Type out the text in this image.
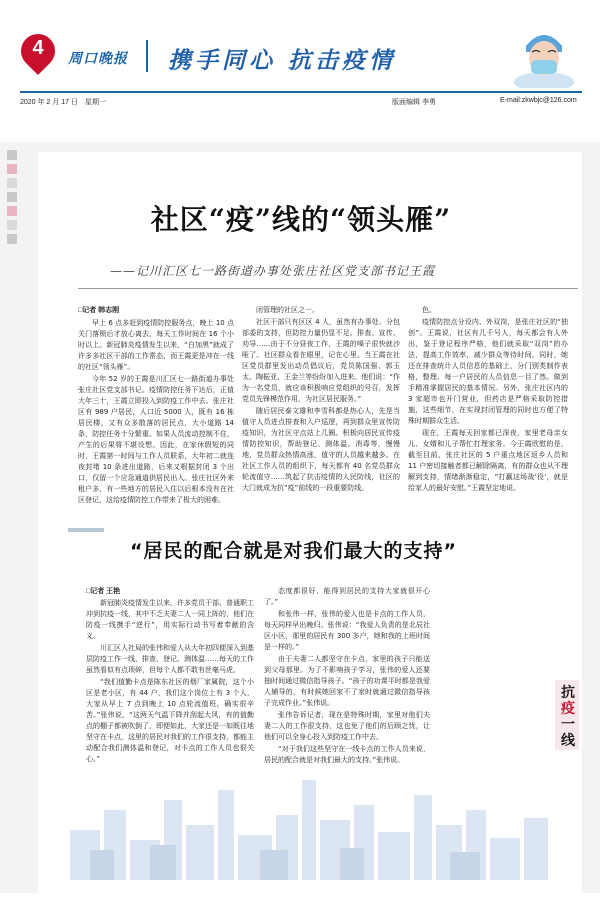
4	周口晚报 携手同心 抗击疫情
2020 年 2 月 17 日　星期一	版面编辑 李勇	E-mail:zkwbjc@126.com
社区“疫”线的“领头雁”
——记川汇区七一路街道办事处张庄社区党支部书记王霞
□记者 韩志刚

早上 6 点多赶到疫情防控服务点，晚上 10 点关门落锁后才放心离去，每天工作时间在 16 个小时以上。新冠肺炎疫情发生以来，“白加黑”就成了许多多社区干部的工作常态，而王霞更是冲在一线的社区“领头雁”。

今年 52 岁的王霞是川汇区七一路街道办事处张庄社区党支部书记。疫情防控任务下达后，正值大年三十，王霞立即投入到防疫工作中去。张庄社区有 989 户居民，人口近 5000 人，既有 16 栋居民楼，又有众多散落的居民点，大小道路 14 条，防控任务十分繁重。如果人员流动控制不住，产生的后果将不堪设想。因此，在家休假短的同时，王霞第一时间与工作人员联系，大年初二就连夜封堵 10 条进出道路，后来又根据封闭 3 个出口，仅留一个应急通道供居民出入。张庄社区外来租户多，有一些地方的居民入住以后根本没有在社区登记，这给疫情防控工作带来了极大的困难。

闭管理的社区之一。

社区干部只有区区 4 人，虽然有办事处、分包部委的支持，但防控力量仍显不足。排查、宣传、劝导……由于不分昼夜工作，王霞的嗓子很快就沙哑了。社区群众看在眼里，记在心里。当王霞在社区党员群里发出动员倡议后，党员陈国强、郭玉太、陶振亚、王金兰等纷纷加入进来。他们说：“作为一名党员，就应该积极响应党组织的号召，发挥党员先锋模范作用，为社区居民服务。”

随后居民泰文雄和李雪科都是热心人，先是当值守人员进点排查和入户巡逻，再到群众里宣传防疫知识，为社区守点站上几圈。积极向居民宣传疫情防控知识，帮助登记、测体温、消毒等，慢慢地，党员群众热情高涨，值守的人员越来越多。在社区工作人员的组织下，每天都有 40 名党员群众轮流值守……筑起了抗击疫情的人民防线，社区的大门就成为抗“疫”前线的一段重要防线。

色。

疫情防控点分设内、外双岗，是张庄社区的“独创”。王霞说，社区有几千号人，每天都会有人外出，鉴于登记程序严格，他们就采取“双岗”的办法，提高工作效率，减少群众等待时间。同时，她还在排查统计人员信息的基础上，分门别类制作表格，整理、每一户居民的人员信息一目了然。做到手精准掌握居民的基本情况。另外，张庄社区内的 3 家超市也开门营业，但药店是严格采取防控措施，这些细节，在实现封闭管理的同时也方便了特殊时期群众生活。

现在，王霞每天回家都已深夜，家里老母亲女儿、女婿和儿子帮忙打理家务。今王霞欣慰的是，截至目前，张庄社区的 5 户重点地区返乡人员和 11 户密切接触者都已解除隔离，有的群众也从不理解到支持，情绪渐渐稳定，“打赢这场战‘役’，就是给家人的最好安慰。”王霞坚定地说。

“居民的配合就是对我们最大的支持”
□记者 王艳

新冠肺炎疫情发生以来，许多党员干部、普通职工冲到抗疫一线，其中不乏夫妻二人一同上阵的，他们在防疫一线携手“逆行”，用实际行动书写着奉献的含义。

川汇区人社局的张伟和爱人从大年初四便深入到基层防疫工作一线，排查、登记、测体温……每天的工作虽然看似有点琐碎，但每个人都不敢有丝毫马虎。

“我们值勤卡点是陈东社区的烟厂家属院，这个小区是老小区，有 44 户，我们这个岗位上有 3 个人，大家从早上 7 点到晚上 10 点轮流值班，确实很辛苦。”张伟说，“这两天气温下降并刮起大风，有的值勤点的棚子都被吹倒了，即便如此，大家还是一如既往地坚守在卡点，这里的居民对我们的工作很支持，都能主动配合我们测体温和登记，对卡点的工作人员也很关心。”

态度都很好，能得到居民的支持大家就很开心了。”

和张伟一样，张伟的爱人也是卡点的工作人员，每天同样早出晚归。张伟说：“我爱人负责的是北辰社区小区，那里的居民有 300 多户，她和我的上班时间是一样的。”

由于夫妻二人都坚守在卡点，家里的孩子只能送到父母那里。为了不影响孩子学习，张伟的爱人还要抽时间通过微信指导孩子。“孩子的功课平时都是我爱人辅导的，有时候她回家不了家时就通过微信指导孩子完成作业。”张伟说。

张伟告诉记者，现在是特殊时期，家里对他们夫妻二人的工作很支持，这也免了他们的后顾之忧，让他们可以全身心投入到防疫工作中去。

“对于我们这些坚守在一线卡点的工作人员来说，居民的配合就是对我们最大的支持。”张伟说。

抗
疫
一
线
